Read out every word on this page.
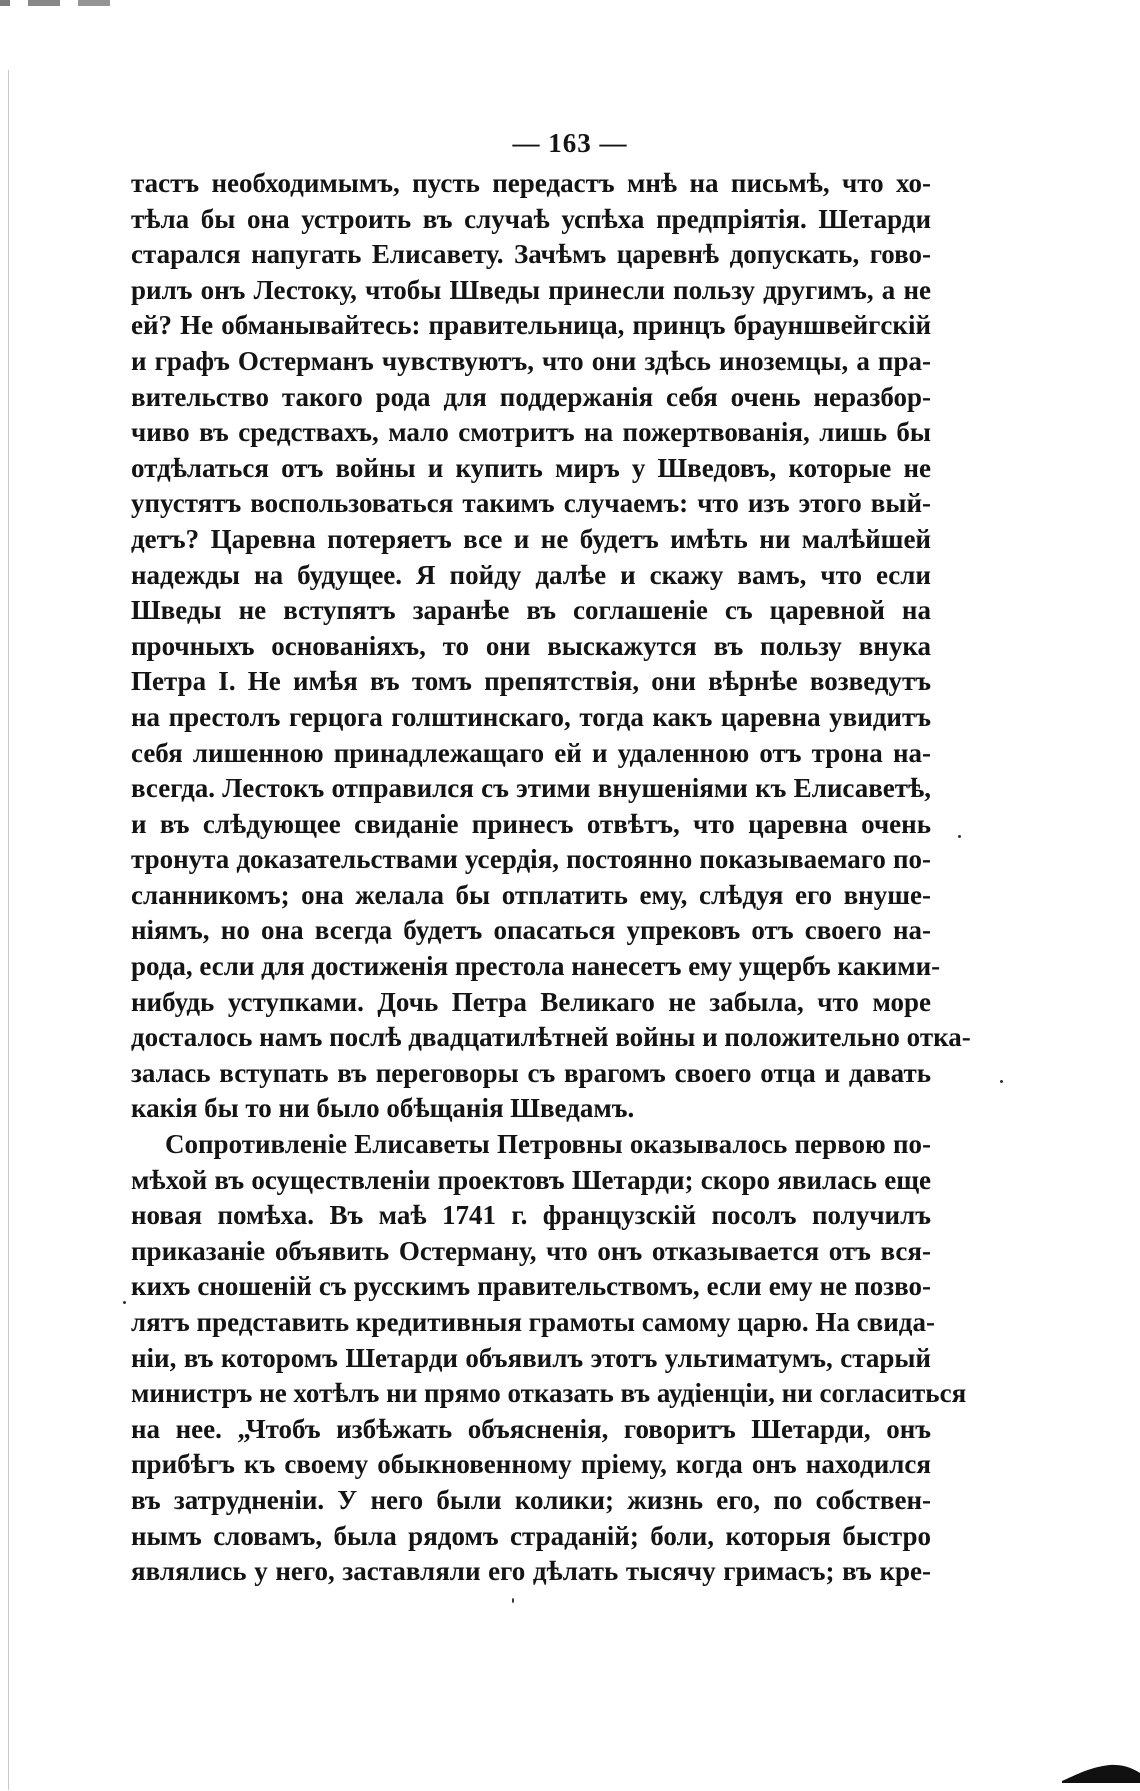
— 163 —
тастъ необходимымъ, пусть передастъ мнѣ на письмѣ, что хо-
тѣла бы она устроить въ случаѣ успѣха предпріятія. Шетарди
старался напугать Елисавету. Зачѣмъ царевнѣ допускать, гово-
рилъ онъ Лестоку, чтобы Шведы принесли пользу другимъ, а не
ей? Не обманывайтесь: правительница, принцъ брауншвейгскій
и графъ Остерманъ чувствуютъ, что они здѣсь иноземцы, а пра-
вительство такого рода для поддержанія себя очень неразбор-
чиво въ средствахъ, мало смотритъ на пожертвованія, лишь бы
отдѣлаться отъ войны и купить миръ у Шведовъ, которые не
упустятъ воспользоваться такимъ случаемъ: что изъ этого вый-
детъ? Царевна потеряетъ все и не будетъ имѣть ни малѣйшей
надежды на будущее. Я пойду далѣе и скажу вамъ, что если
Шведы не вступятъ заранѣе въ соглашеніе съ царевной на
прочныхъ основаніяхъ, то они выскажутся въ пользу внука
Петра I. Не имѣя въ томъ препятствія, они вѣрнѣе возведутъ
на престолъ герцога голштинскаго, тогда какъ царевна увидитъ
себя лишенною принадлежащаго ей и удаленною отъ трона на-
всегда. Лестокъ отправился съ этими внушеніями къ Елисаветѣ,
и въ слѣдующее свиданіе принесъ отвѣтъ, что царевна очень
тронута доказательствами усердія, постоянно показываемаго по-
сланникомъ; она желала бы отплатить ему, слѣдуя его внуше-
ніямъ, но она всегда будетъ опасаться упрековъ отъ своего на-
рода, если для достиженія престола нанесетъ ему ущербъ какими-
нибудь уступками. Дочь Петра Великаго не забыла, что море
досталось намъ послѣ двадцатилѣтней войны и положительно отка-
залась вступать въ переговоры съ врагомъ своего отца и давать
какія бы то ни было обѣщанія Шведамъ.
Сопротивленіе Елисаветы Петровны оказывалось первою по-
мѣхой въ осуществленіи проектовъ Шетарди; скоро явилась еще
новая помѣха. Въ маѣ 1741 г. французскій посолъ получилъ
приказаніе объявить Остерману, что онъ отказывается отъ вся-
кихъ сношеній съ русскимъ правительствомъ, если ему не позво-
лятъ представить кредитивныя грамоты самому царю. На свида-
ніи, въ которомъ Шетарди объявилъ этотъ ультиматумъ, старый
министръ не хотѣлъ ни прямо отказать въ аудіенціи, ни согласиться
на нее. „Чтобъ избѣжать объясненія, говоритъ Шетарди, онъ
прибѣгъ къ своему обыкновенному пріему, когда онъ находился
въ затрудненіи. У него были колики; жизнь его, по собствен-
нымъ словамъ, была рядомъ страданій; боли, которыя быстро
являлись у него, заставляли его дѣлать тысячу гримасъ; въ кре-
